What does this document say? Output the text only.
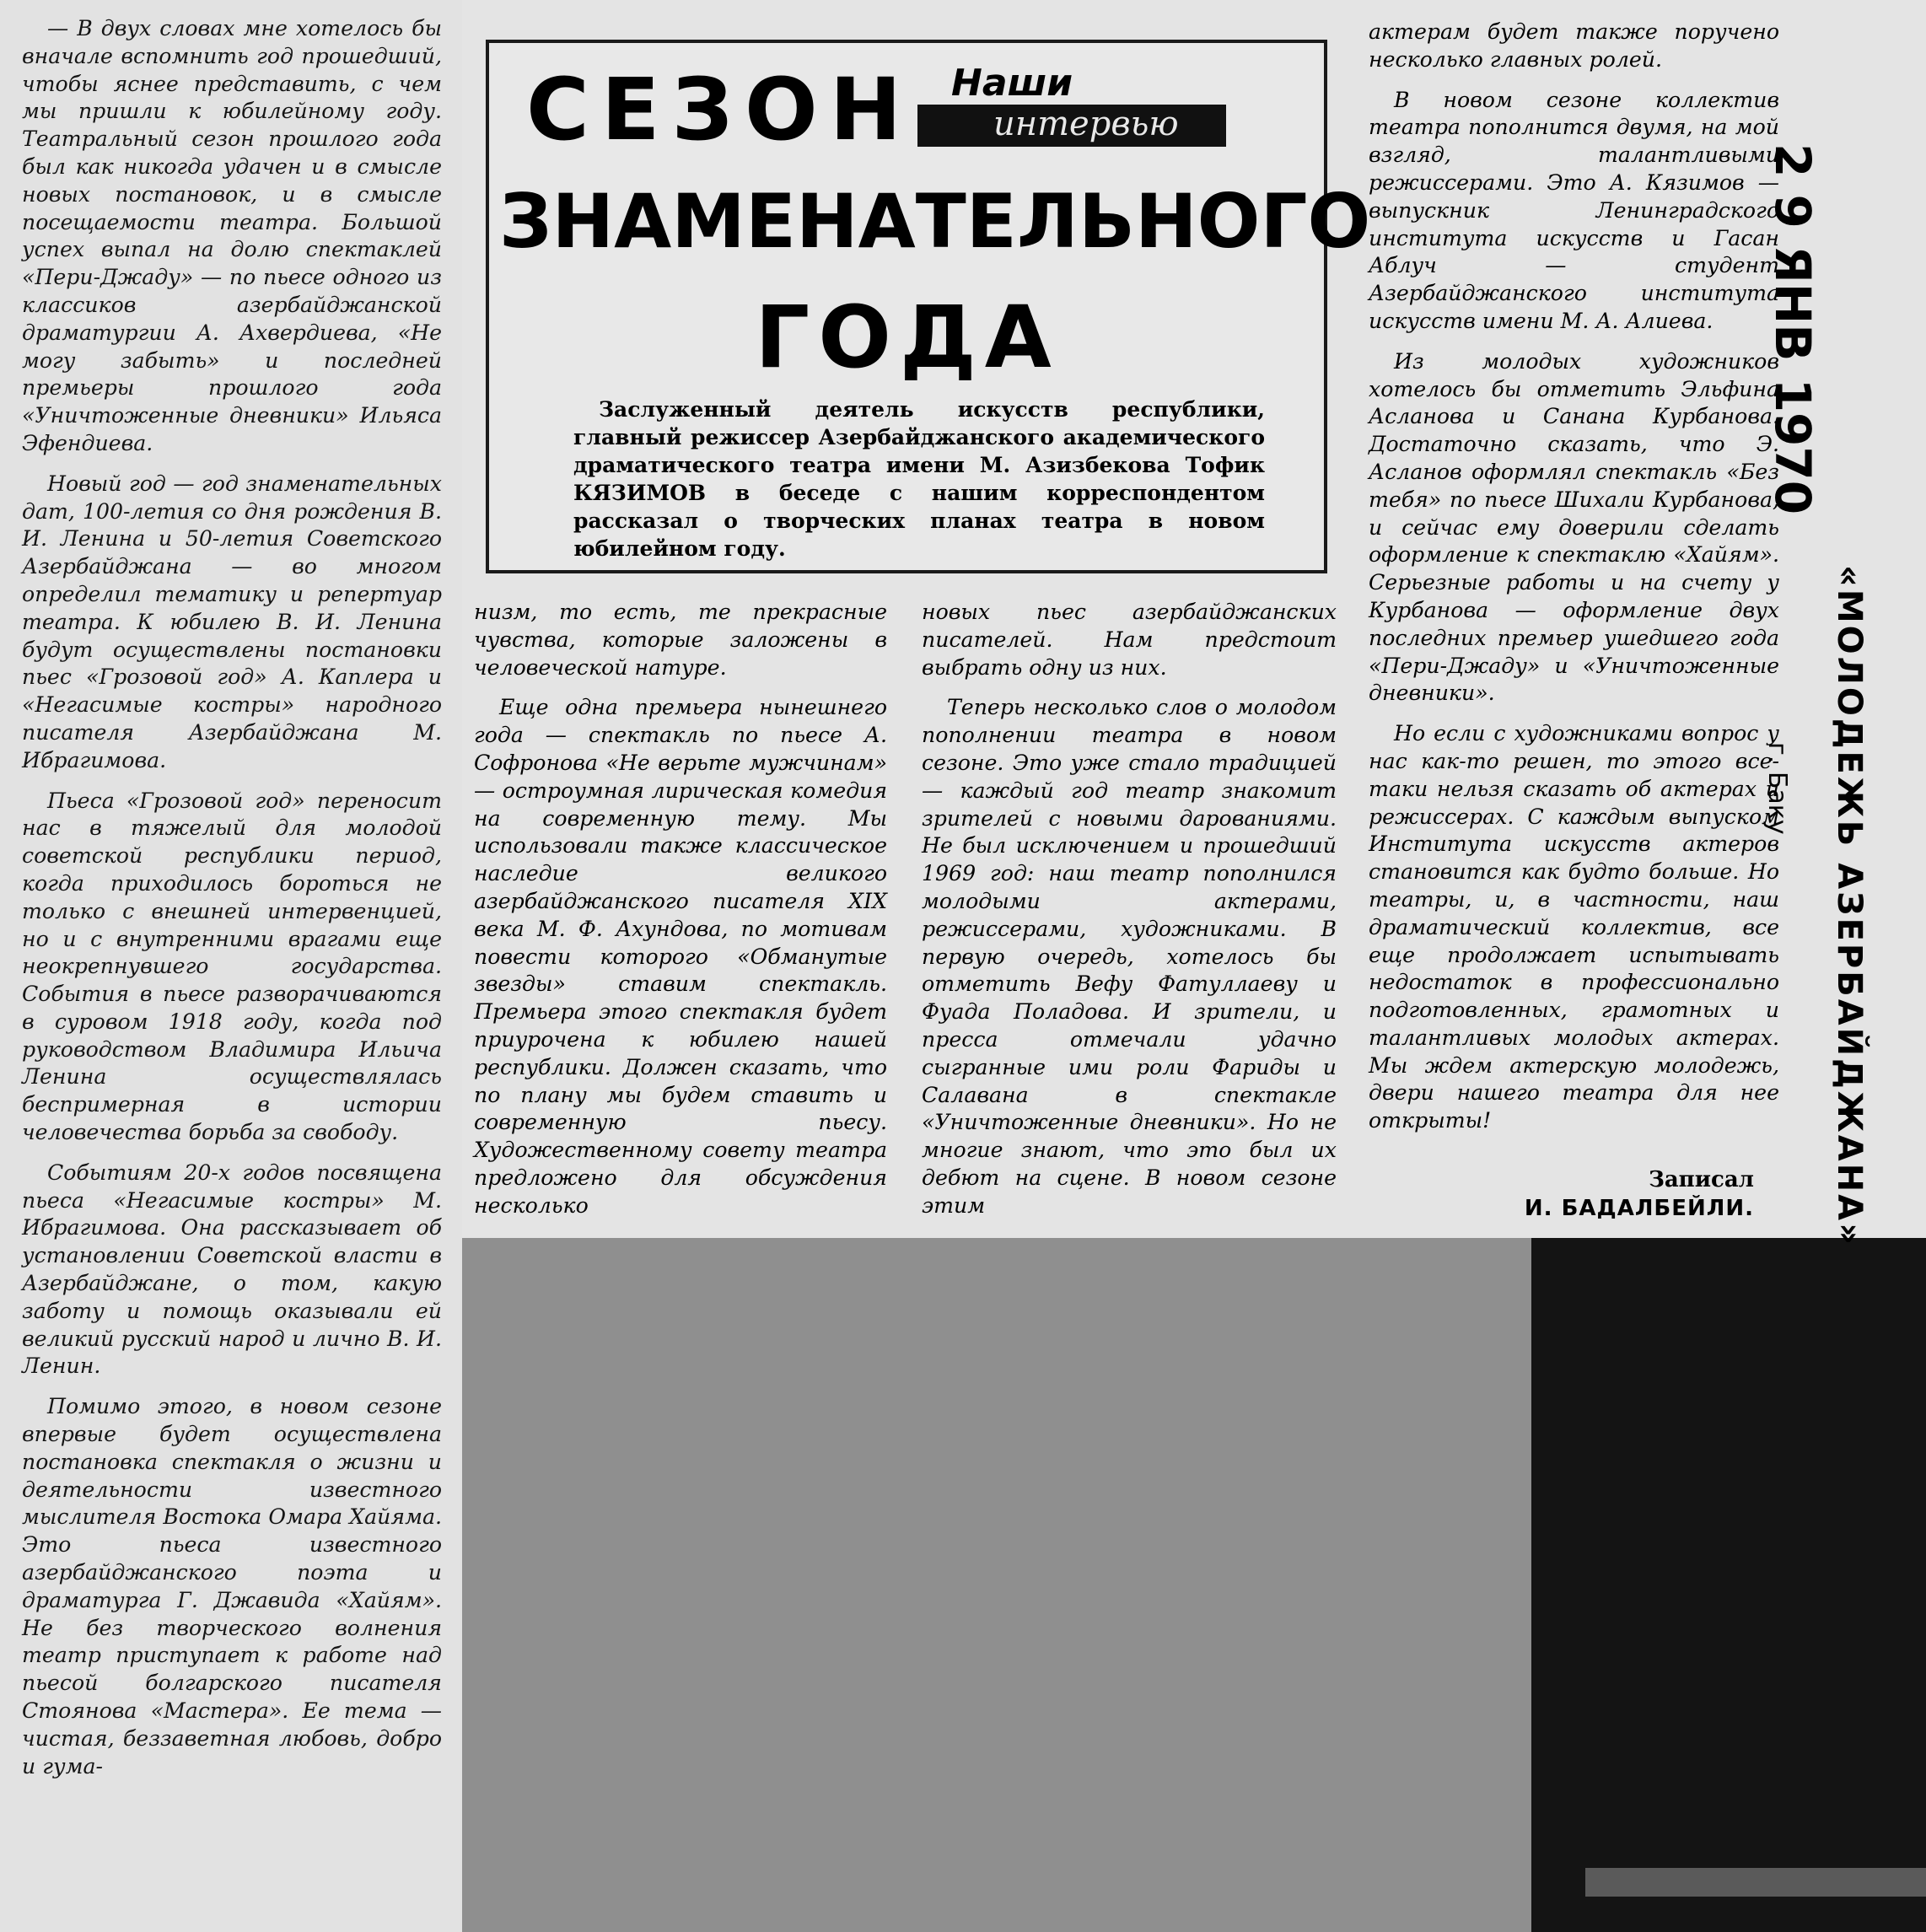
— В двух словах мне хотелось бы вначале вспомнить год прошедший, чтобы яснее представить, с чем мы пришли к юбилейному году. Театральный сезон прошлого года был как никогда удачен и в смысле новых постановок, и в смысле посещаемости театра. Большой успех выпал на долю спектаклей «Пери-Джаду» — по пьесе одного из классиков азербайджанской драматургии А. Ахвердиева, «Не могу забыть» и последней премьеры прошлого года «Уничтоженные дневники» Ильяса Эфендиева.

Новый год — год знаменательных дат, 100-летия со дня рождения В. И. Ленина и 50-летия Советского Азербайджана — во многом определил тематику и репертуар театра. К юбилею В. И. Ленина будут осуществлены постановки пьес «Грозовой год» А. Каплера и «Негасимые костры» народного писателя Азербайджана М. Ибрагимова.

Пьеса «Грозовой год» переносит нас в тяжелый для молодой советской республики период, когда приходилось бороться не только с внешней интервенцией, но и с внутренними врагами еще неокрепнувшего государства. События в пьесе разворачиваются в суровом 1918 году, когда под руководством Владимира Ильича Ленина осуществлялась беспримерная в истории человечества борьба за свободу.

Событиям 20-х годов посвящена пьеса «Негасимые костры» М. Ибрагимова. Она рассказывает об установлении Советской власти в Азербайджане, о том, какую заботу и помощь оказывали ей великий русский народ и лично В. И. Ленин.

Помимо этого, в новом сезоне впервые будет осуществлена постановка спектакля о жизни и деятельности известного мыслителя Востока Омара Хайяма. Это пьеса известного азербайджанского поэта и драматурга Г. Джавида «Хайям». Не без творческого волнения театр приступает к работе над пьесой болгарского писателя Стоянова «Мастера». Ее тема — чистая, беззаветная любовь, добро и гума-

СЕЗОН Наши
интервью
ЗНАМЕНАТЕЛЬНОГО
ГОДА
Заслуженный деятель искусств республики, главный режиссер Азербайджанского академического драматического театра имени М. Азизбекова Тофик КЯЗИМОВ в беседе с нашим корреспондентом рассказал о творческих планах театра в новом юбилейном году.

низм, то есть, те прекрасные чувства, которые заложены в человеческой натуре.

Еще одна премьера нынешнего года — спектакль по пьесе А. Софронова «Не верьте мужчинам» — остроумная лирическая комедия на современную тему. Мы использовали также классическое наследие великого азербайджанского писателя XIX века М. Ф. Ахундова, по мотивам повести которого «Обманутые звезды» ставим спектакль. Премьера этого спектакля будет приурочена к юбилею нашей республики. Должен сказать, что по плану мы будем ставить и современную пьесу. Художественному совету театра предложено для обсуждения несколько

новых пьес азербайджанских писателей. Нам предстоит выбрать одну из них.

Теперь несколько слов о молодом пополнении театра в новом сезоне. Это уже стало традицией — каждый год театр знакомит зрителей с новыми дарованиями. Не был исключением и прошедший 1969 год: наш театр пополнился молодыми актерами, режиссерами, художниками. В первую очередь, хотелось бы отметить Вефу Фатуллаеву и Фуада Поладова. И зрители, и пресса отмечали удачно сыгранные ими роли Фариды и Салавана в спектакле «Уничтоженные дневники». Но не многие знают, что это был их дебют на сцене. В новом сезоне этим

актерам будет также поручено несколько главных ролей.

В новом сезоне коллектив театра пополнится двумя, на мой взгляд, талантливыми режиссерами. Это А. Кязимов — выпускник Ленинградского института искусств и Гасан Аблуч — студент Азербайджанского института искусств имени М. А. Алиева.

Из молодых художников хотелось бы отметить Эльфина Асланова и Санана Курбанова. Достаточно сказать, что Э. Асланов оформлял спектакль «Без тебя» по пьесе Шихали Курбанова, и сейчас ему доверили сделать оформление к спектаклю «Хайям». Серьезные работы и на счету у Курбанова — оформление двух последних премьер ушедшего года «Пери-Джаду» и «Уничтоженные дневники».

Но если с художниками вопрос у нас как-то решен, то этого все-таки нельзя сказать об актерах и режиссерах. С каждым выпуском Института искусств актеров становится как будто больше. Но театры, и, в частности, наш драматический коллектив, все еще продолжает испытывать недостаток в профессионально подготовленных, грамотных и талантливых молодых актерах. Мы ждем актерскую молодежь, двери нашего театра для нее открыты!

Записал
И. БАДАЛБЕЙЛИ.
2 9 ЯНВ 1970
г. Баку «МОЛОДЕЖЬ АЗЕРБАЙДЖАНА»
